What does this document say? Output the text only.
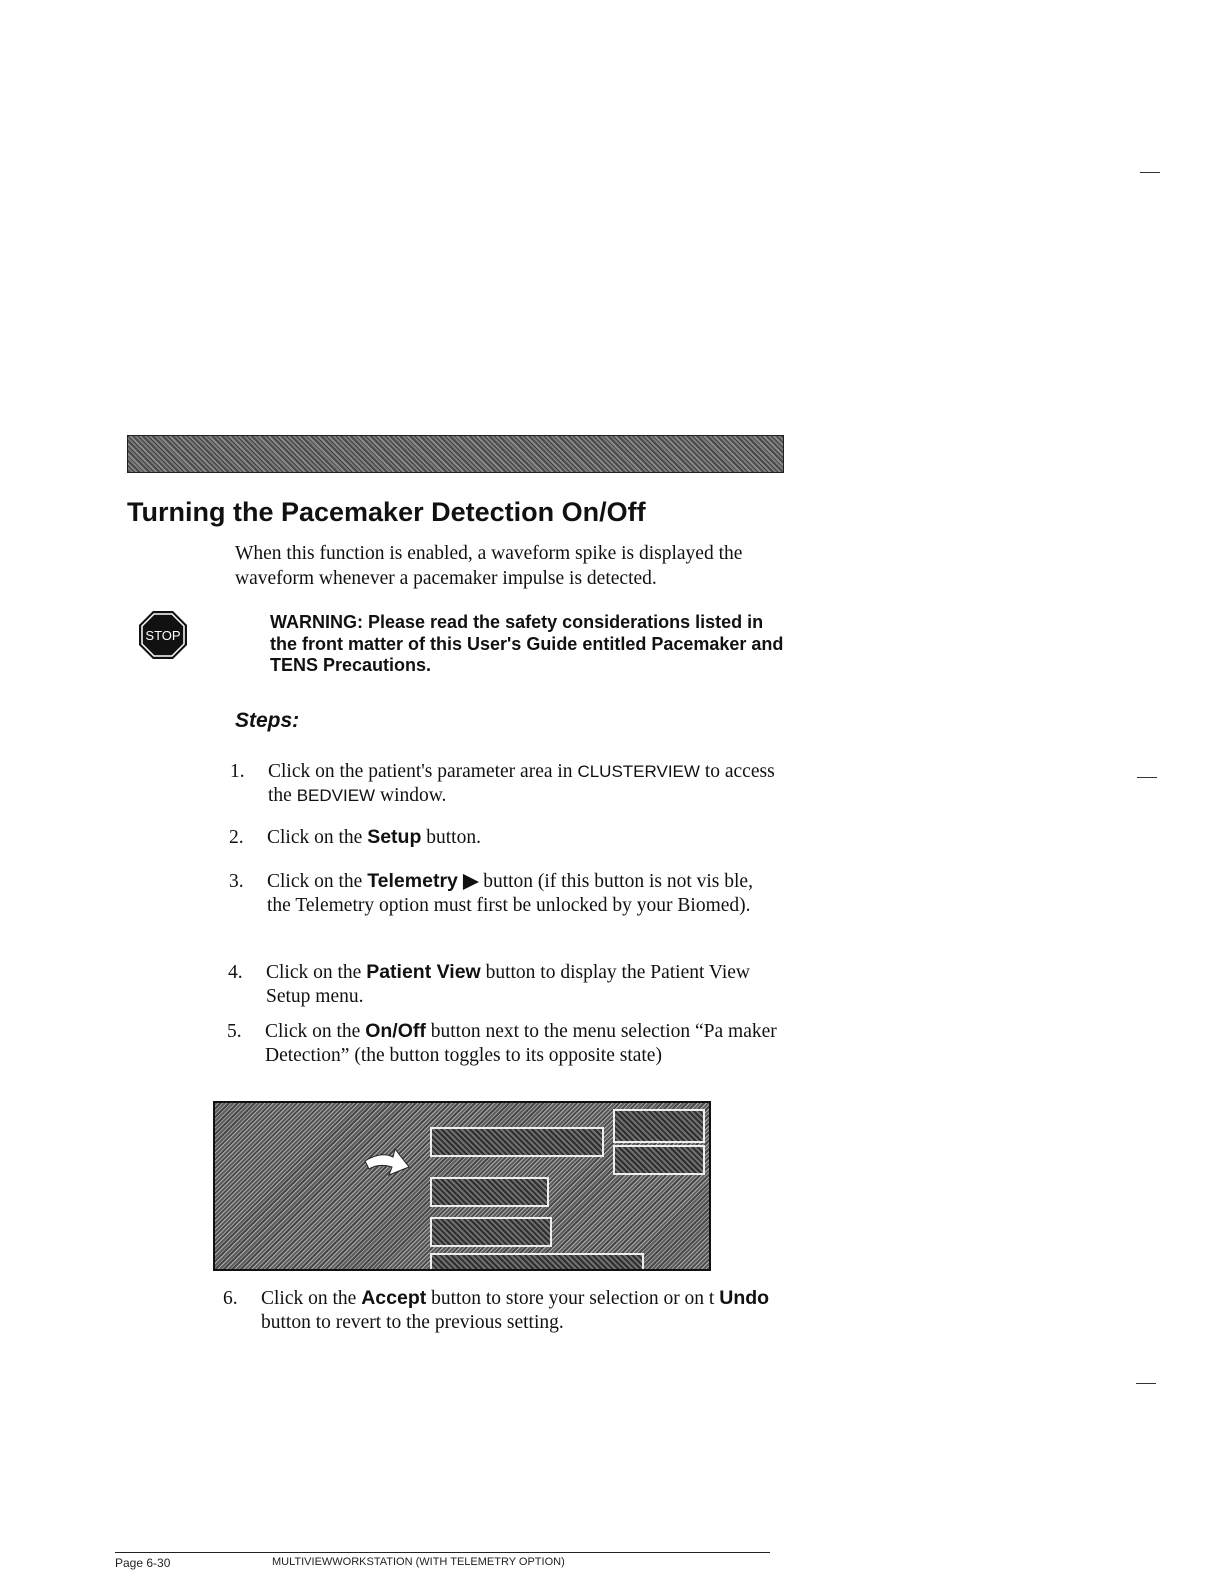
Turning the Pacemaker Detection On/Off
When this function is enabled, a waveform spike is displayed the waveform whenever a pacemaker impulse is detected.
STOP
WARNING: Please read the safety considerations listed in the front matter of this User's Guide entitled Pacemaker and TENS Precautions.
Steps:
1. Click on the patient's parameter area in CLUSTERVIEW to access the BEDVIEW window.
2. Click on the Setup button.
3. Click on the Telemetry ▶ button (if this button is not vis ble, the Telemetry option must first be unlocked by your Biomed).
4. Click on the Patient View button to display the Patient View Setup menu.
5. Click on the On/Off button next to the menu selection “Pa maker Detection” (the button toggles to its opposite state)
6. Click on the Accept button to store your selection or on t Undo button to revert to the previous setting.
Page 6-30	MULTIVIEWWORKSTATION (WITH TELEMETRY OPTION)
